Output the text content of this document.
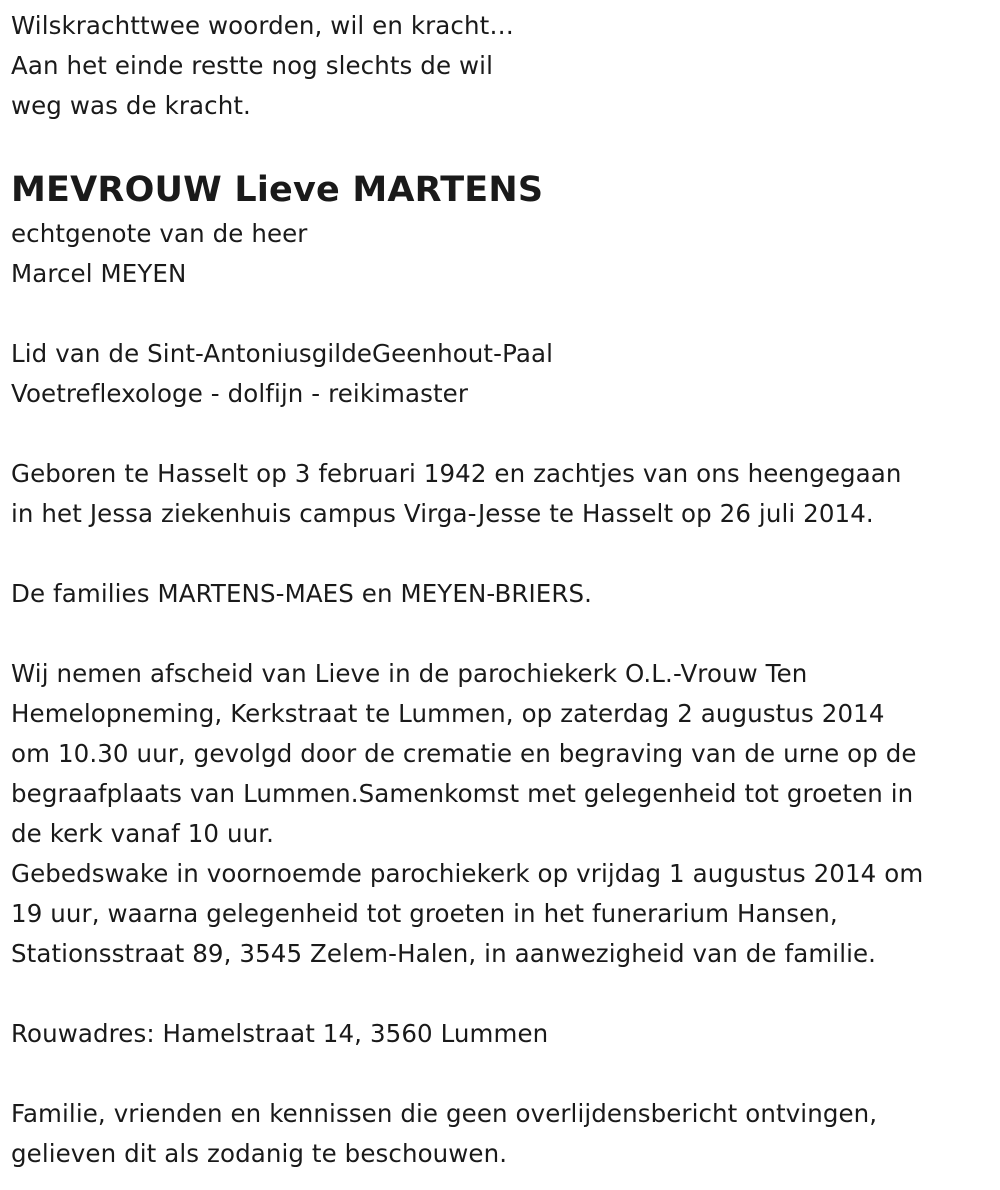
Wilskrachttwee woorden, wil en kracht…
Aan het einde restte nog slechts de wil
weg was de kracht.
MEVROUW Lieve MARTENS
echtgenote van de heer
Marcel MEYEN
Lid van de Sint-AntoniusgildeGeenhout-Paal
Voetreflexologe - dolfijn - reikimaster
Geboren te Hasselt op 3 februari 1942 en zachtjes van ons heengegaan
in het Jessa ziekenhuis campus Virga-Jesse te Hasselt op 26 juli 2014.
De families MARTENS-MAES en MEYEN-BRIERS.
Wij nemen afscheid van Lieve in de parochiekerk O.L.-Vrouw Ten
Hemelopneming, Kerkstraat te Lummen, op zaterdag 2 augustus 2014
om 10.30 uur, gevolgd door de crematie en begraving van de urne op de
begraafplaats van Lummen.Samenkomst met gelegenheid tot groeten in
de kerk vanaf 10 uur.
Gebedswake in voornoemde parochiekerk op vrijdag 1 augustus 2014 om
19 uur, waarna gelegenheid tot groeten in het funerarium Hansen,
Stationsstraat 89, 3545 Zelem-Halen, in aanwezigheid van de familie.
Rouwadres: Hamelstraat 14, 3560 Lummen
Familie, vrienden en kennissen die geen overlijdensbericht ontvingen,
gelieven dit als zodanig te beschouwen.
